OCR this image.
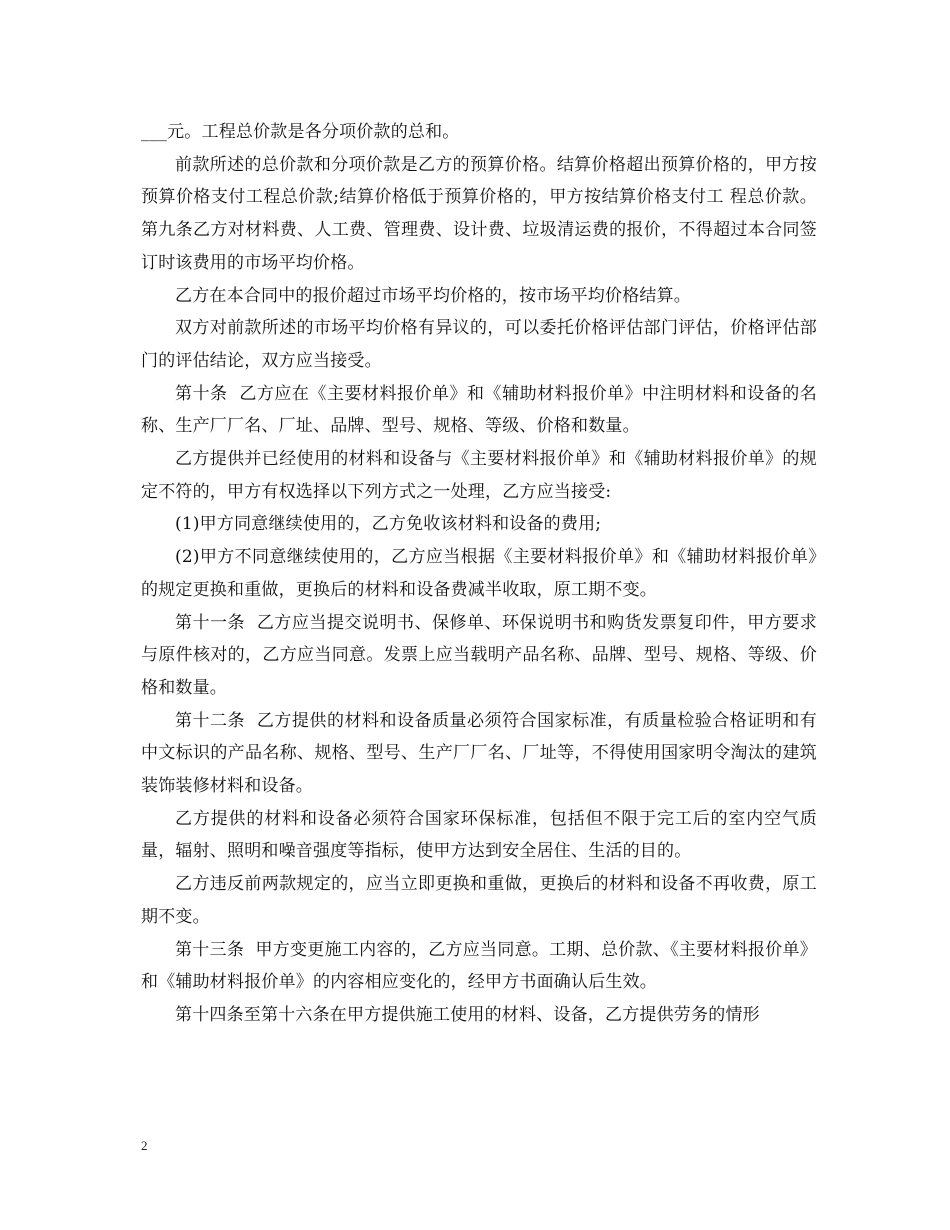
___元。工程总价款是各分项价款的总和。

前款所述的总价款和分项价款是乙方的预算价格。结算价格超出预算价格的，甲方按预算价格支付工程总价款;结算价格低于预算价格的，甲方按结算价格支付工 程总价款。第九条乙方对材料费、人工费、管理费、设计费、垃圾清运费的报价，不得超过本合同签订时该费用的市场平均价格。

乙方在本合同中的报价超过市场平均价格的，按市场平均价格结算。

双方对前款所述的市场平均价格有异议的，可以委托价格评估部门评估，价格评估部门的评估结论，双方应当接受。

第十条  乙方应在《主要材料报价单》和《辅助材料报价单》中注明材料和设备的名称、生产厂厂名、厂址、品牌、型号、规格、等级、价格和数量。

乙方提供并已经使用的材料和设备与《主要材料报价单》和《辅助材料报价单》的规定不符的，甲方有权选择以下列方式之一处理，乙方应当接受:

(1)甲方同意继续使用的，乙方免收该材料和设备的费用;

(2)甲方不同意继续使用的，乙方应当根据《主要材料报价单》和《辅助材料报价单》的规定更换和重做，更换后的材料和设备费减半收取，原工期不变。

第十一条  乙方应当提交说明书、保修单、环保说明书和购货发票复印件，甲方要求与原件核对的，乙方应当同意。发票上应当载明产品名称、品牌、型号、规格、等级、价格和数量。

第十二条  乙方提供的材料和设备质量必须符合国家标准，有质量检验合格证明和有中文标识的产品名称、规格、型号、生产厂厂名、厂址等，不得使用国家明令淘汰的建筑装饰装修材料和设备。

乙方提供的材料和设备必须符合国家环保标准，包括但不限于完工后的室内空气质量，辐射、照明和噪音强度等指标，使甲方达到安全居住、生活的目的。

乙方违反前两款规定的，应当立即更换和重做，更换后的材料和设备不再收费，原工期不变。

第十三条  甲方变更施工内容的，乙方应当同意。工期、总价款、《主要材料报价单》和《辅助材料报价单》的内容相应变化的，经甲方书面确认后生效。

第十四条至第十六条在甲方提供施工使用的材料、设备，乙方提供劳务的情形

2
